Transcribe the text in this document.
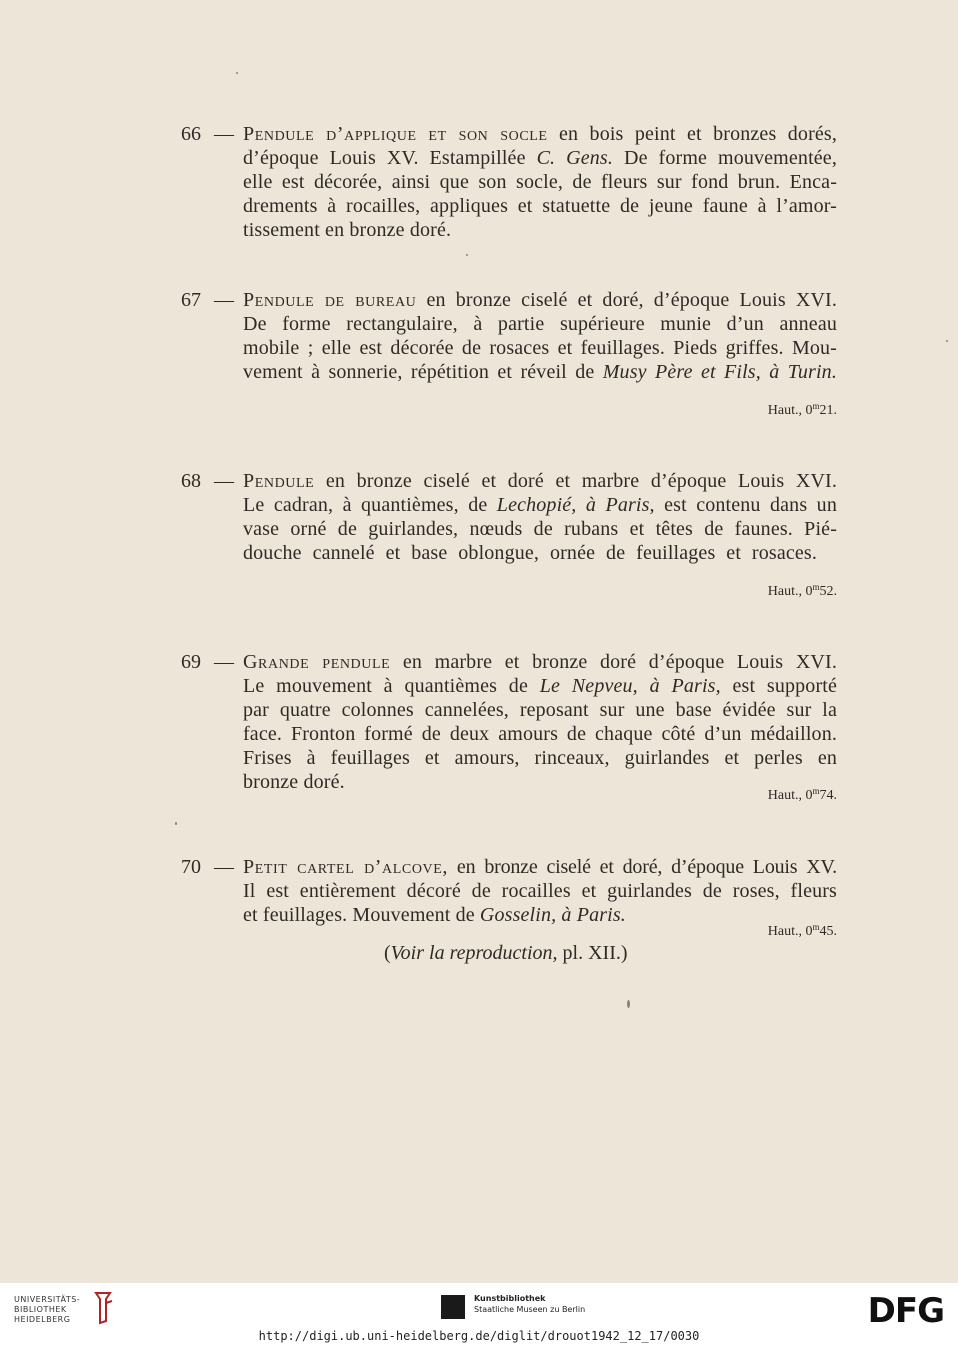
66 — Pendule d’applique et son socle en bois peint et bronzes dorés,
d’époque Louis XV. Estampillée C. Gens. De forme mouvementée,
elle est décorée, ainsi que son socle, de fleurs sur fond brun. Enca-
drements à rocailles, appliques et statuette de jeune faune à l’amor-
tissement en bronze doré.
67 — Pendule de bureau en bronze ciselé et doré, d’époque Louis XVI.
De forme rectangulaire, à partie supérieure munie d’un anneau
mobile ; elle est décorée de rosaces et feuillages. Pieds griffes. Mou-
vement à sonnerie, répétition et réveil de Musy Père et Fils, à Turin.
Haut., 0$^m$21.
68 — Pendule en bronze ciselé et doré et marbre d’époque Louis XVI.
Le cadran, à quantièmes, de Lechopié, à Paris, est contenu dans un
vase orné de guirlandes, nœuds de rubans et têtes de faunes. Pié-
douche cannelé et base oblongue, ornée de feuillages et rosaces.
Haut., 0$^m$52.
69 — Grande pendule en marbre et bronze doré d’époque Louis XVI.
Le mouvement à quantièmes de Le Nepveu, à Paris, est supporté
par quatre colonnes cannelées, reposant sur une base évidée sur la
face. Fronton formé de deux amours de chaque côté d’un médaillon.
Frises à feuillages et amours, rinceaux, guirlandes et perles en
bronze doré.
Haut., 0$^m$74.
70 — Petit cartel d’alcove, en bronze ciselé et doré, d’époque Louis XV.
Il est entièrement décoré de rocailles et guirlandes de roses, fleurs
et feuillages. Mouvement de Gosselin, à Paris.
Haut., 0$^m$45.
(Voir la reproduction, pl. XII.)
UNIVERSITÄTS-
BIBLIOTHEK
HEIDELBERG
Kunstbibliothek
Staatliche Museen zu Berlin	DFG
http://digi.ub.uni-heidelberg.de/diglit/drouot1942_12_17/0030
